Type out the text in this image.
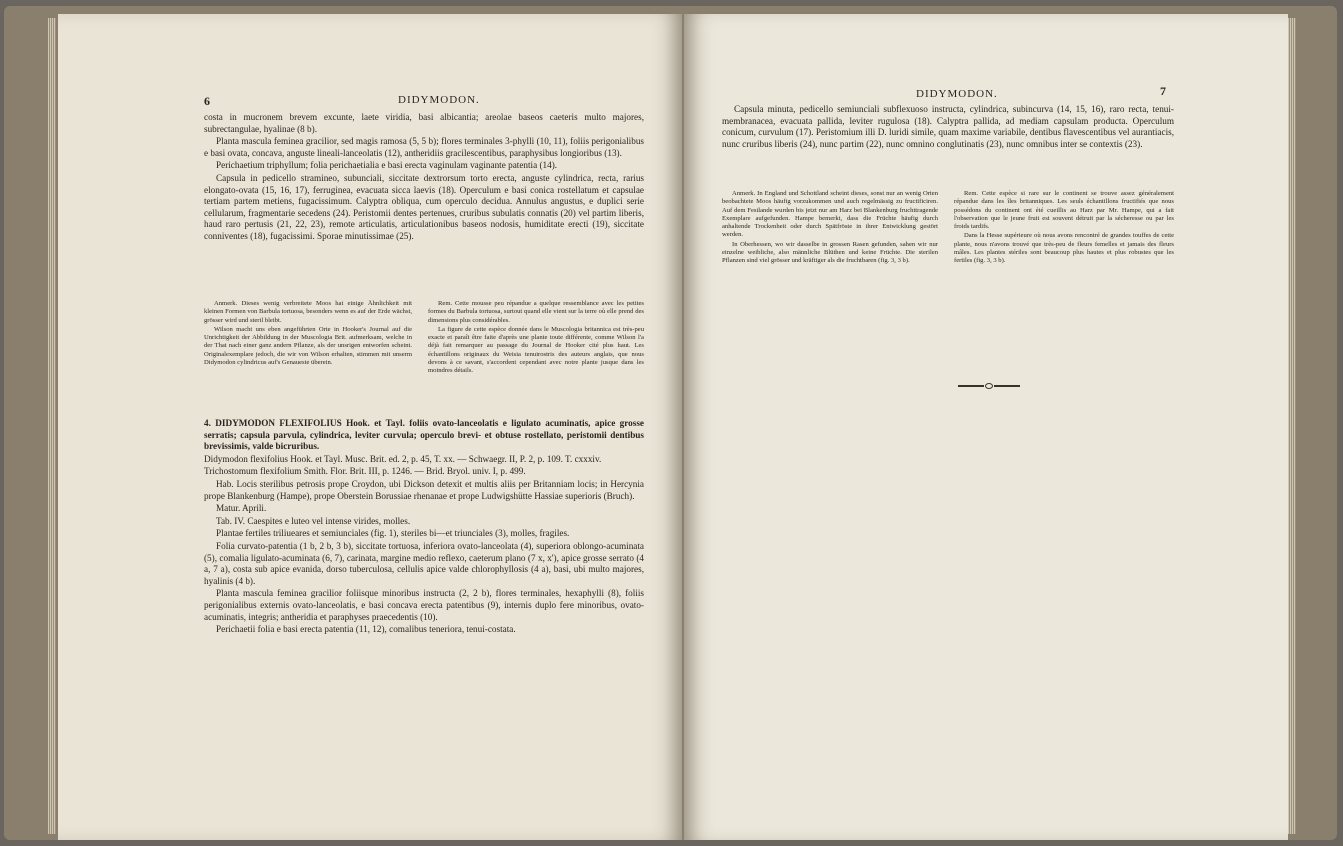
6	DIDYMODON.

costa in mucronem brevem excunte, laete viridia, basi albicantia; areolae baseos caeteris multo majores, subrectangulae, hyalinae (8 b).

Planta mascula feminea gracilior, sed magis ramosa (5, 5 b); flores terminales 3-phylli (10, 11), foliis perigonialibus e basi ovata, concava, anguste lineali-lanceolatis (12), antheridiis gracilescentibus, paraphysibus longioribus (13).

Perichaetium triphyllum; folia perichaetialia e basi erecta vaginulam vaginante patentia (14).

Capsula in pedicello stramineo, subunciali, siccitate dextrorsum torto erecta, anguste cylindrica, recta, rarius elongato-ovata (15, 16, 17), ferruginea, evacuata sicca laevis (18). Operculum e basi conica rostellatum et capsulae tertiam partem metiens, fugacissimum. Calyptra obliqua, cum operculo decidua. Annulus angustus, e duplici serie cellularum, fragmentarie secedens (24). Peristomii dentes pertenues, cruribus subulatis connatis (20) vel partim liberis, haud raro pertusis (21, 22, 23), remote articulatis, articulationibus baseos nodosis, humiditate erecti (19), siccitate conniventes (18), fugacissimi. Sporae minutissimae (25).

Anmerk. Dieses wenig verbreitete Moos hat einige Ähnlichkeit mit kleinen Formen von Barbula tortuosa, besonders wenn es auf der Erde wächst, grösser wird und steril bleibt.

Wilson macht uns eben angeführten Orte in Hooker's Journal auf die Unrichtigkeit der Abbildung in der Muscologia Brit. aufmerksam, welche in der That nach einer ganz andern Pflanze, als der unsrigen entworfen scheint. Originalexemplare jedoch, die wir von Wilson erhalten, stimmen mit unserm Didymodon cylindricus auf's Genaueste überein.

Rem. Cette mousse peu répandue a quelque ressemblance avec les petites formes du Barbula tortuosa, surtout quand elle vient sur la terre où elle prend des dimensions plus considérables.

La figure de cette espèce donnée dans le Muscologia britannica est très-peu exacte et paraît être faite d'après une plante toute différente, comme Wilson l'a déjà fait remarquer au passage du Journal de Hooker cité plus haut. Les échantillons originaux du Weisia tenuirostris des auteurs anglais, que nous devons à ce savant, s'accordent cependant avec notre plante jusque dans les moindres détails.

4. DIDYMODON FLEXIFOLIUS Hook. et Tayl. foliis ovato-lanceolatis e ligulato acuminatis, apice grosse serratis; capsula parvula, cylindrica, leviter curvula; operculo brevi- et obtuse rostellato, peristomii dentibus brevissimis, valde bicruribus.

Didymodon flexifolius Hook. et Tayl. Musc. Brit. ed. 2, p. 45, T. xx. — Schwaegr. II, P. 2, p. 109. T. cxxxiv.

Trichostomum flexifolium Smith. Flor. Brit. III, p. 1246. — Brid. Bryol. univ. I, p. 499.

Hab. Locis sterilibus petrosis prope Croydon, ubi Dickson detexit et multis aliis per Britanniam locis; in Hercynia prope Blankenburg (Hampe), prope Oberstein Borussiae rhenanae et prope Ludwigshütte Hassiae superioris (Bruch).

Matur. Aprili.

Tab. IV. Caespites e luteo vel intense virides, molles.

Plantae fertiles triliueares et semiunciales (fig. 1), steriles bi—et triunciales (3), molles, fragiles.

Folia curvato-patentia (1 b, 2 b, 3 b), siccitate tortuosa, inferiora ovato-lanceolata (4), superiora oblongo-acuminata (5), comalia ligulato-acuminata (6, 7), carinata, margine medio reflexo, caeterum plano (7 x, x'), apice grosse serrato (4 a, 7 a), costa sub apice evanida, dorso tuberculosa, cellulis apice valde chlorophyllosis (4 a), basi, ubi multo majores, hyalinis (4 b).

Planta mascula feminea gracilior foliisque minoribus instructa (2, 2 b), flores terminales, hexaphylli (8), foliis perigonialibus externis ovato-lanceolatis, e basi concava erecta patentibus (9), internis duplo fere minoribus, ovato-acuminatis, integris; antheridia et paraphyses praecedentis (10).

Perichaetii folia e basi erecta patentia (11, 12), comalibus teneriora, tenui-costata.

DIDYMODON.	7

Capsula minuta, pedicello semiunciali subflexuoso instructa, cylindrica, subincurva (14, 15, 16), raro recta, tenui-membranacea, evacuata pallida, leviter rugulosa (18). Calyptra pallida, ad mediam capsulam producta. Operculum conicum, curvulum (17). Peristomium illi D. luridi simile, quam maxime variabile, dentibus flavescentibus vel aurantiacis, nunc cruribus liberis (24), nunc partim (22), nunc omnino conglutinatis (23), nunc omnibus inter se contextis (23).

Anmerk. In England und Schottland scheint dieses, sonst nur an wenig Orten beobachtete Moos häufig vorzukommen und auch regelmässig zu fructificiren. Auf dem Festlande wurden bis jetzt nur am Harz bei Blankenburg fruchttragende Exemplare aufgefunden. Hampe bemerkt, dass die Früchte häufig durch anhaltende Trockenheit oder durch Spätfröste in ihrer Entwicklung gestört werden.

In Oberhessen, wo wir dasselbe in grossen Rasen gefunden, sahen wir nur einzelne weibliche, also männliche Blüthen und keine Früchte. Die sterilen Pflanzen sind viel grösser und kräftiger als die fruchtbaren (fig. 3, 3 b).

Rem. Cette espèce si rare sur le continent se trouve assez généralement répandue dans les îles britanniques. Les seuls échantillons fructifiés que nous possédons du continent ont été cueillis au Harz par Mr. Hampe, qui a fait l'observation que le jeune fruit est souvent détruit par la sécheresse ou par les froids tardifs.

Dans la Hesse supérieure où nous avons rencontré de grandes touffes de cette plante, nous n'avons trouvé que très-peu de fleurs femelles et jamais des fleurs mâles. Les plantes stériles sont beaucoup plus hautes et plus robustes que les fertiles (fig. 3, 3 b).
